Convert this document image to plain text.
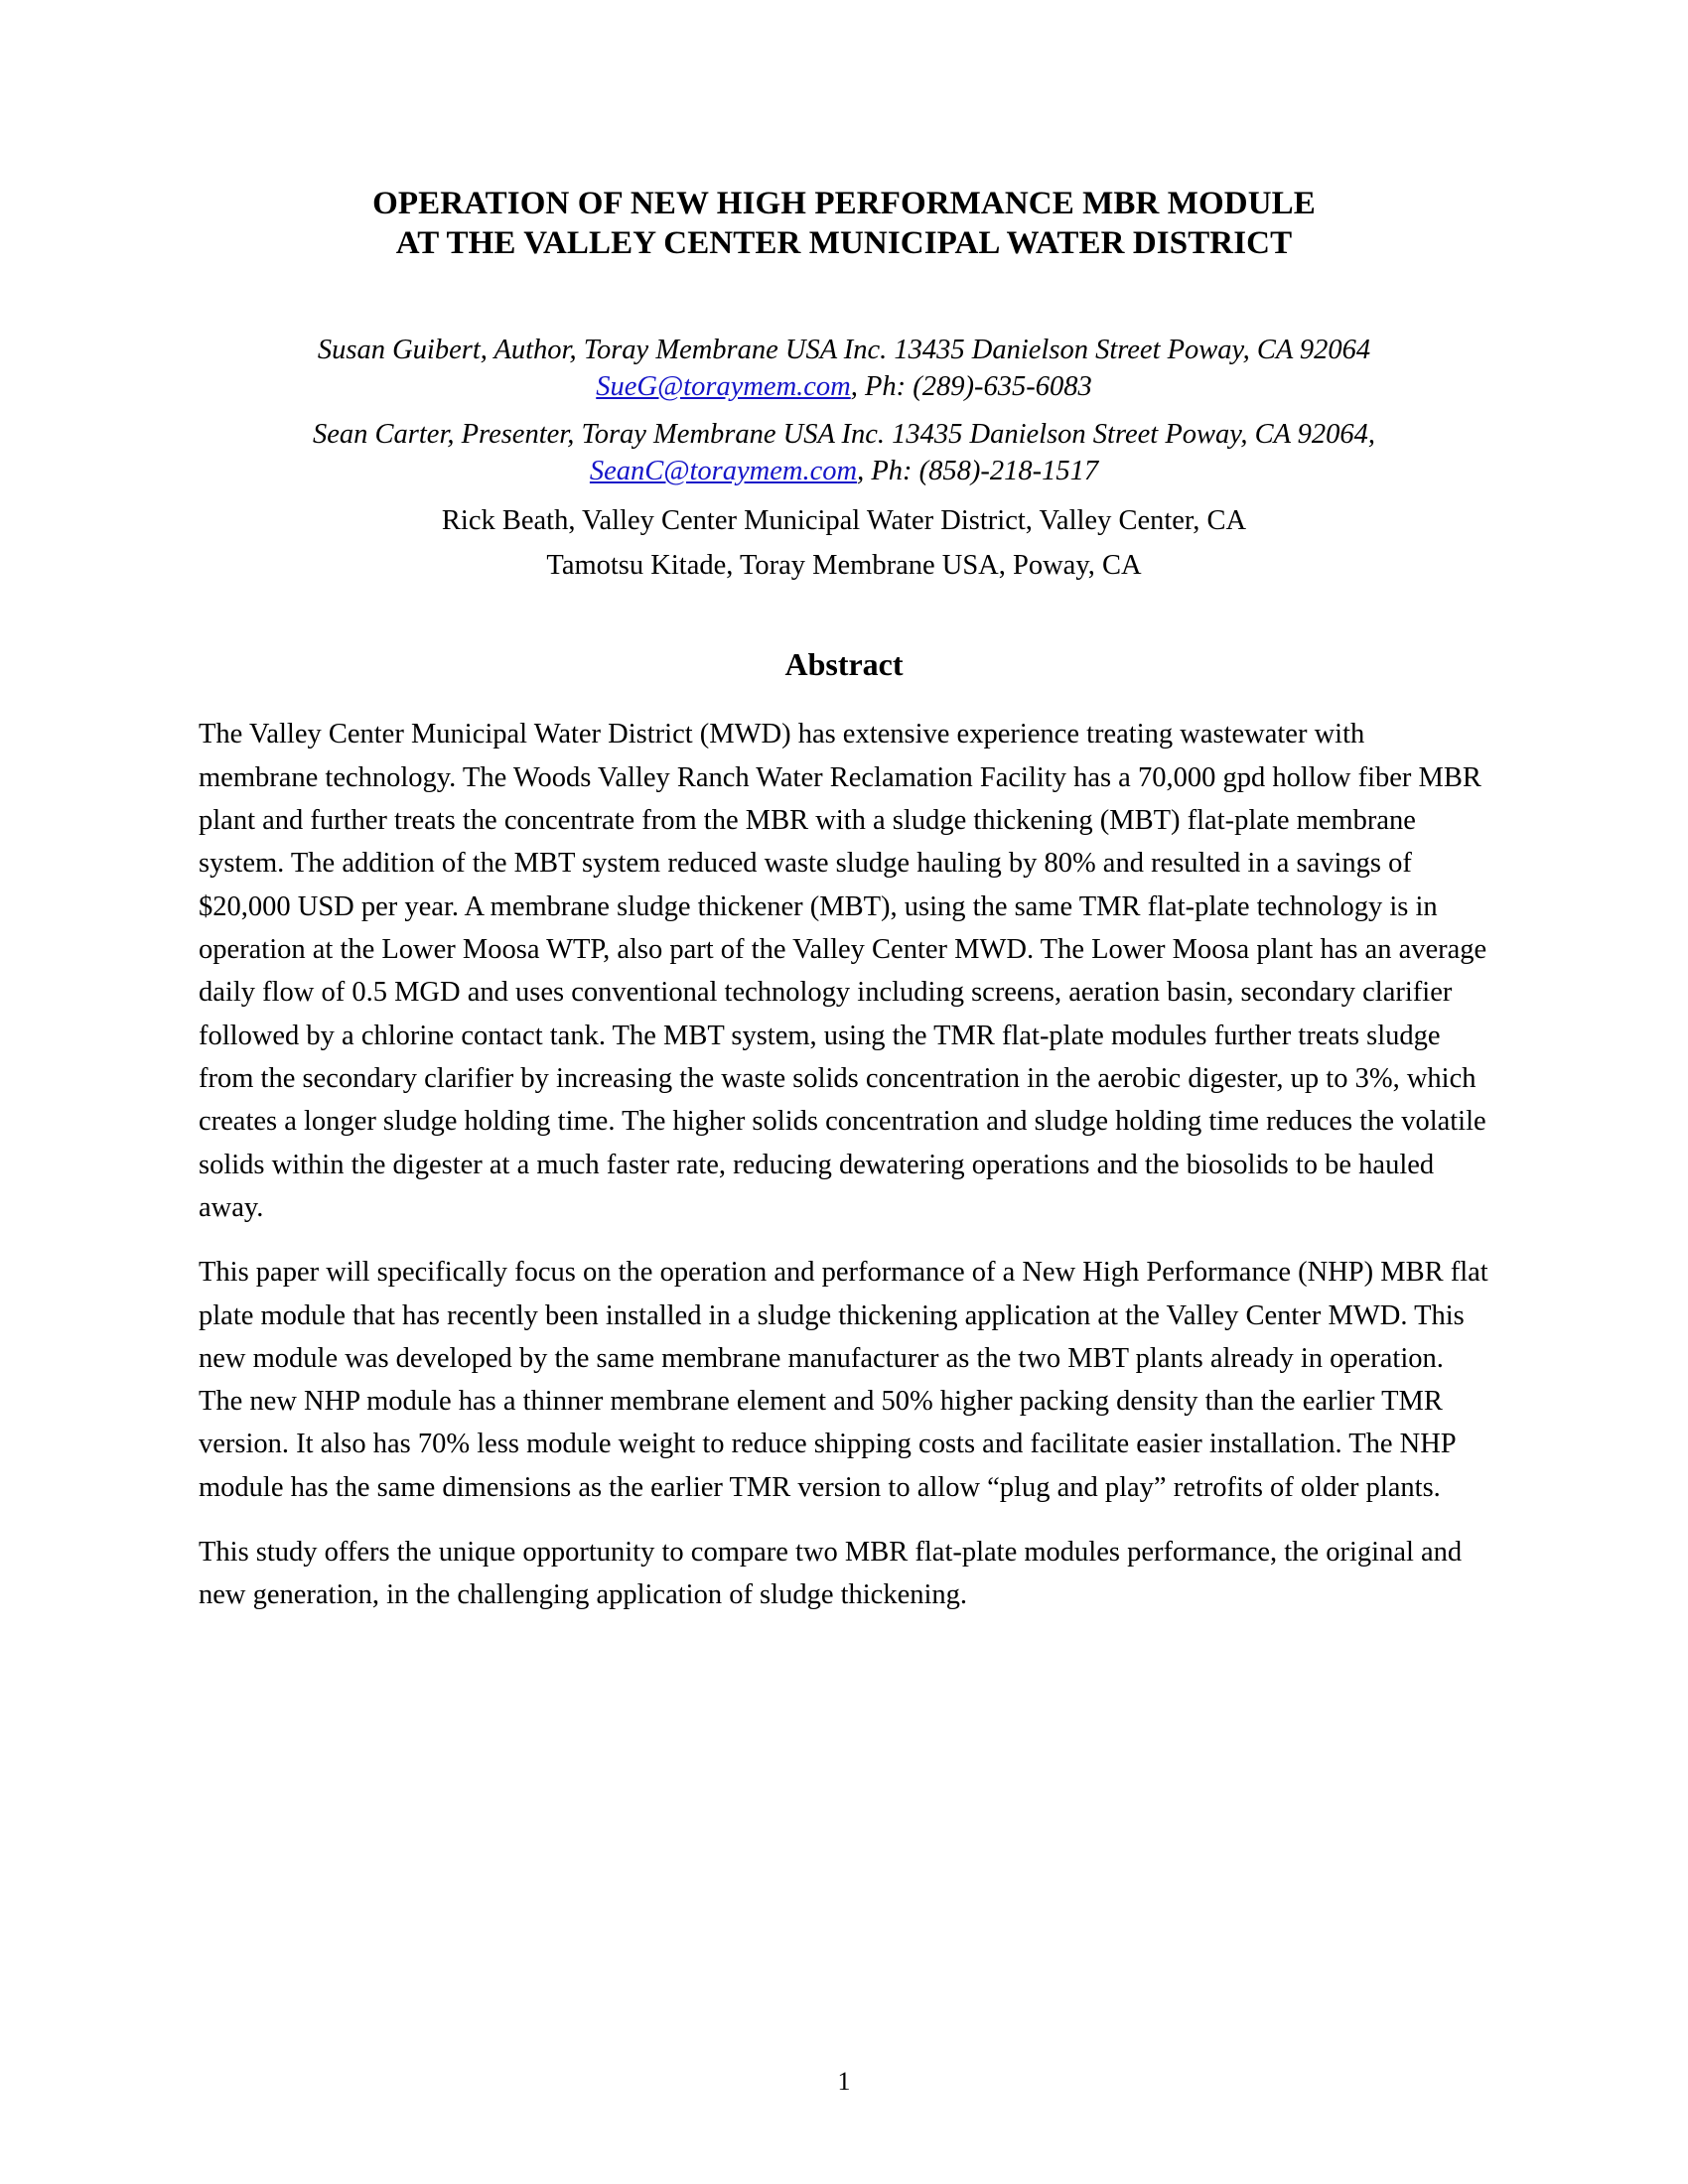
OPERATION OF NEW HIGH PERFORMANCE MBR MODULE
AT THE VALLEY CENTER MUNICIPAL WATER DISTRICT
Susan Guibert, Author, Toray Membrane USA Inc. 13435 Danielson Street Poway, CA 92064 SueG@toraymem.com, Ph: (289)-635-6083
Sean Carter, Presenter, Toray Membrane USA Inc. 13435 Danielson Street Poway, CA 92064, SeanC@toraymem.com, Ph: (858)-218-1517
Rick Beath, Valley Center Municipal Water District, Valley Center, CA
Tamotsu Kitade, Toray Membrane USA, Poway, CA
Abstract

The Valley Center Municipal Water District (MWD) has extensive experience treating wastewater with membrane technology. The Woods Valley Ranch Water Reclamation Facility has a 70,000 gpd hollow fiber MBR plant and further treats the concentrate from the MBR with a sludge thickening (MBT) flat-plate membrane system. The addition of the MBT system reduced waste sludge hauling by 80% and resulted in a savings of $20,000 USD per year. A membrane sludge thickener (MBT), using the same TMR flat-plate technology is in operation at the Lower Moosa WTP, also part of the Valley Center MWD. The Lower Moosa plant has an average daily flow of 0.5 MGD and uses conventional technology including screens, aeration basin, secondary clarifier followed by a chlorine contact tank. The MBT system, using the TMR flat-plate modules further treats sludge from the secondary clarifier by increasing the waste solids concentration in the aerobic digester, up to 3%, which creates a longer sludge holding time. The higher solids concentration and sludge holding time reduces the volatile solids within the digester at a much faster rate, reducing dewatering operations and the biosolids to be hauled away.

This paper will specifically focus on the operation and performance of a New High Performance (NHP) MBR flat plate module that has recently been installed in a sludge thickening application at the Valley Center MWD. This new module was developed by the same membrane manufacturer as the two MBT plants already in operation. The new NHP module has a thinner membrane element and 50% higher packing density than the earlier TMR version. It also has 70% less module weight to reduce shipping costs and facilitate easier installation. The NHP module has the same dimensions as the earlier TMR version to allow “plug and play” retrofits of older plants.

This study offers the unique opportunity to compare two MBR flat-plate modules performance, the original and new generation, in the challenging application of sludge thickening.

1
